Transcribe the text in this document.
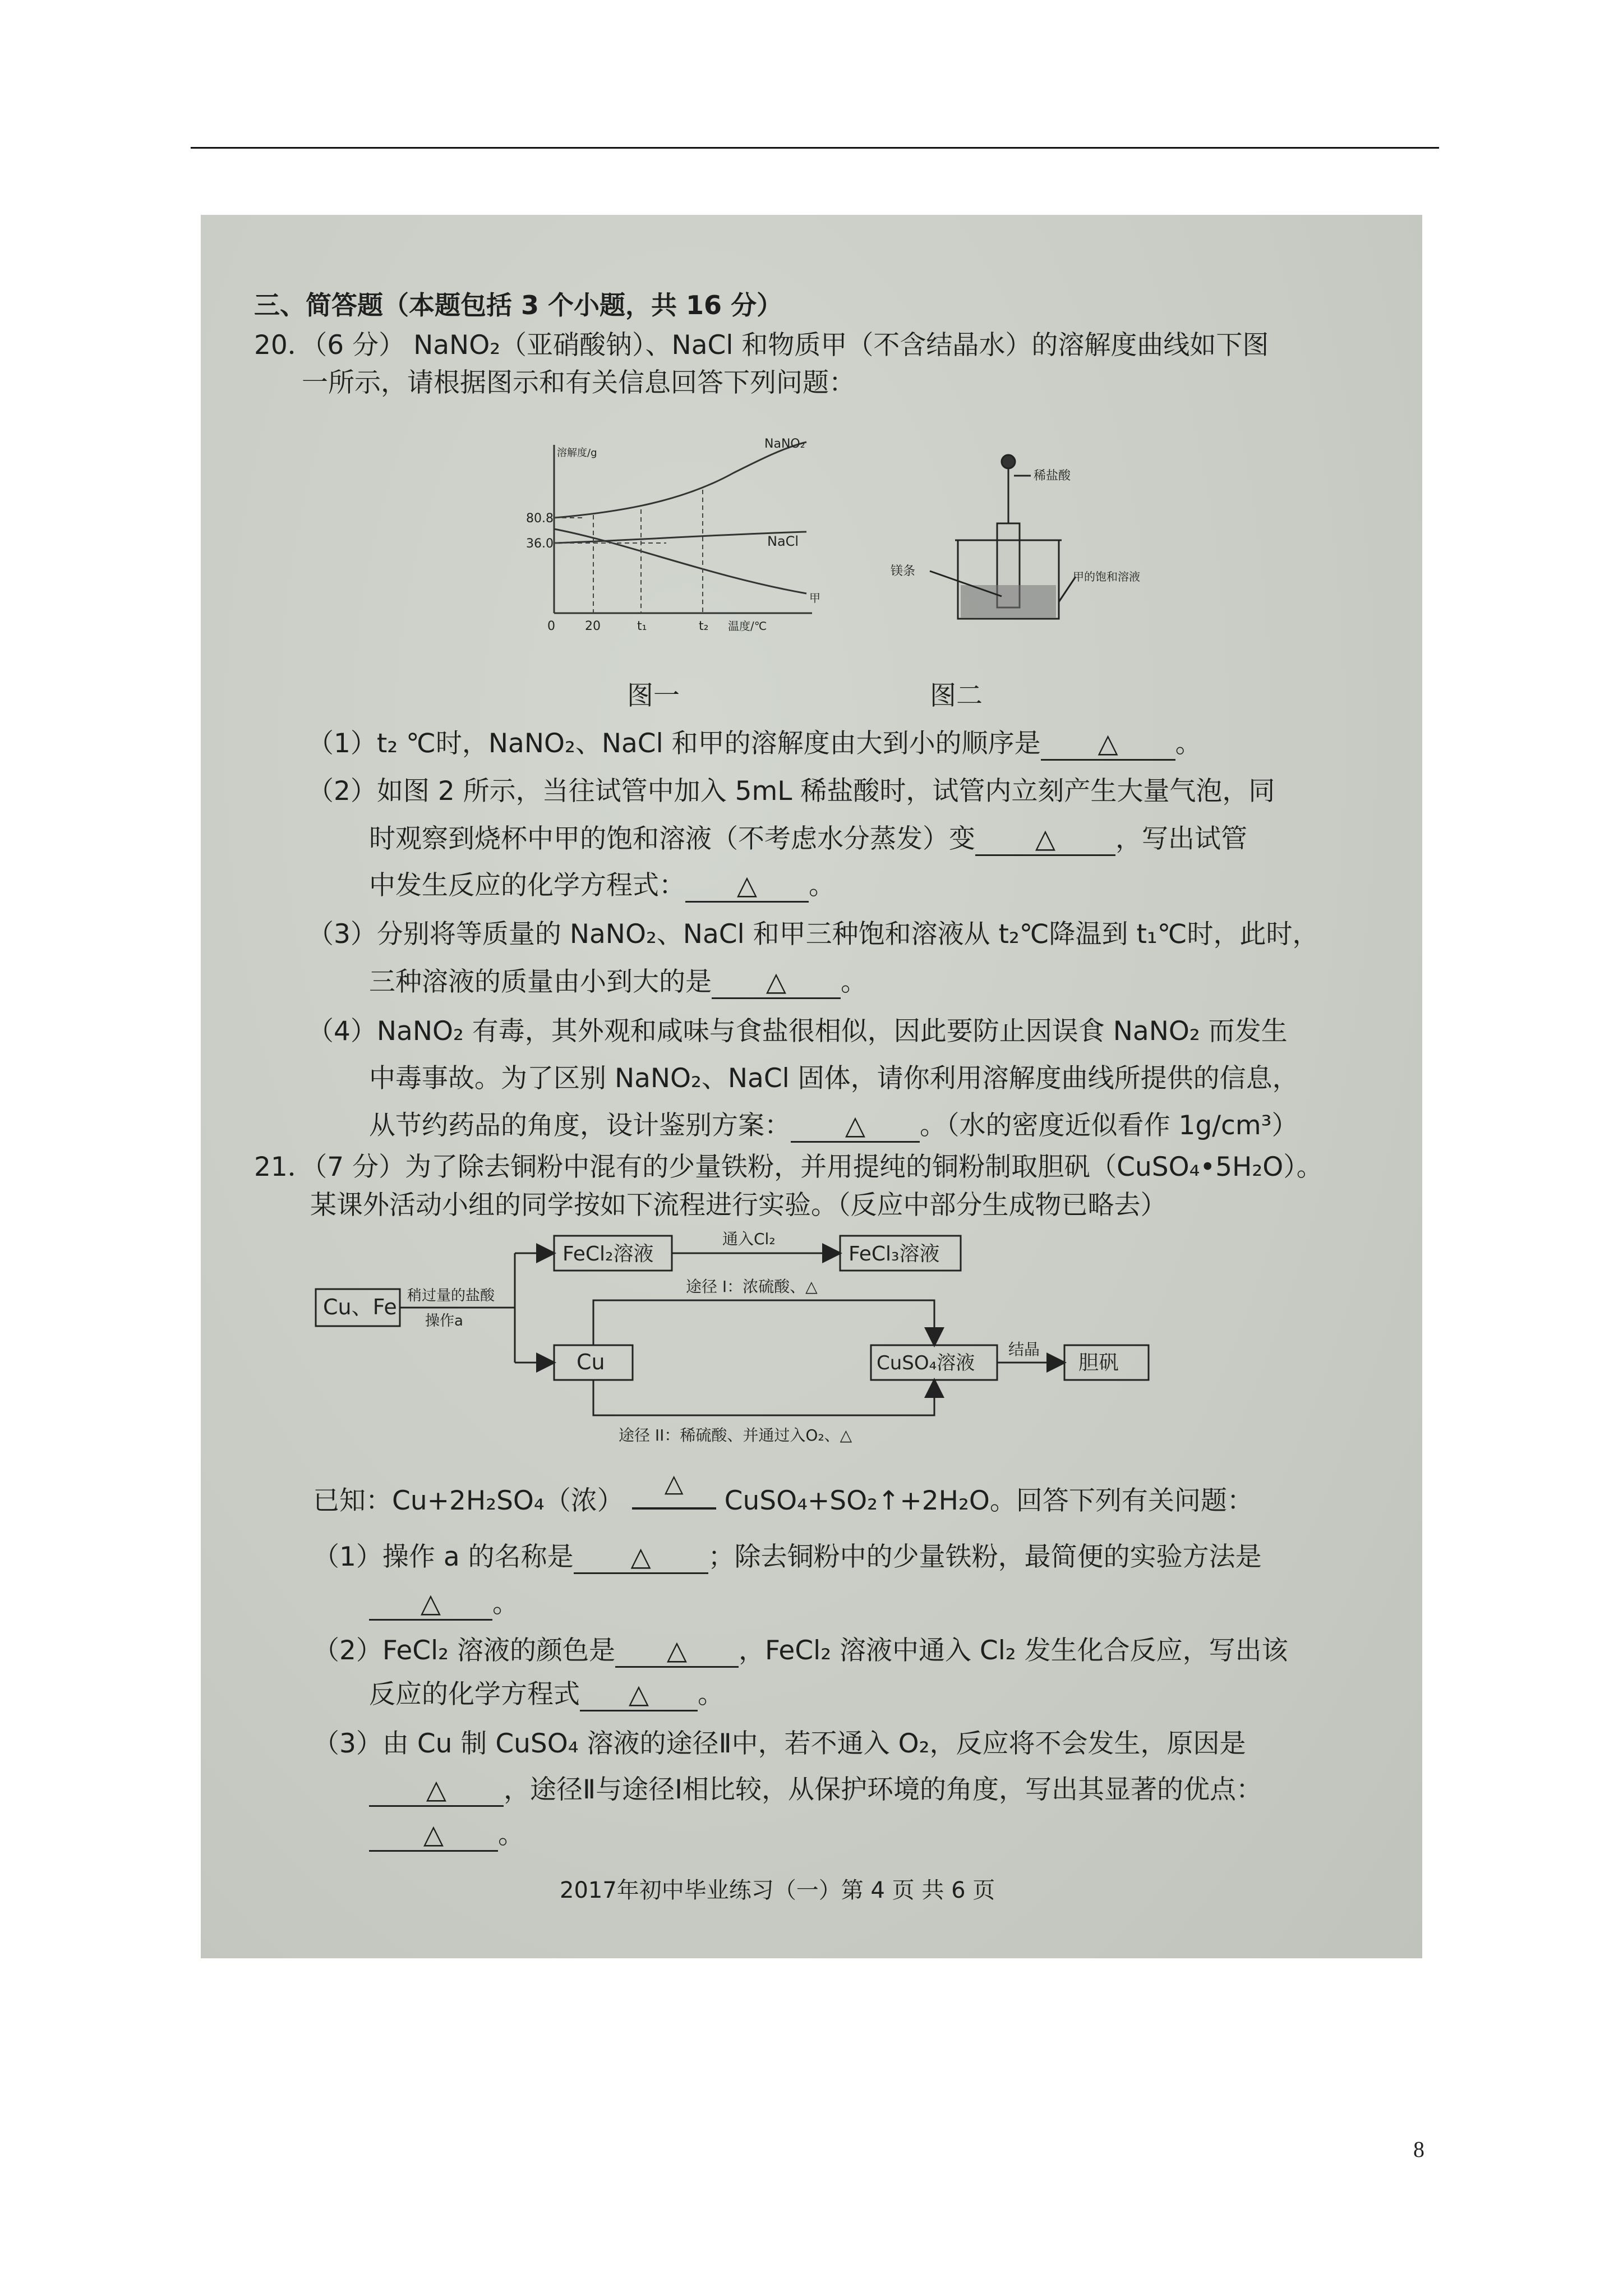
三、简答题（本题包括 3 个小题，共 16 分）
20．（6 分） NaNO₂（亚硝酸钠）、NaCl 和物质甲（不含结晶水）的溶解度曲线如下图
一所示，请根据图示和有关信息回答下列问题：
溶解度/g
80.8
36.0
0 20	t₁	t₂ 温度/℃
NaNO₂
NaCl
甲
图一
稀盐酸
镁条	甲的饱和溶液
图二
（1）t₂ ℃时，NaNO₂、NaCl 和甲的溶解度由大到小的顺序是 △ 。
（2）如图 2 所示，当往试管中加入 5mL 稀盐酸时，试管内立刻产生大量气泡，同
时观察到烧杯中甲的饱和溶液（不考虑水分蒸发）变 △ ，写出试管
中发生反应的化学方程式： △ 。
（3）分别将等质量的 NaNO₂、NaCl 和甲三种饱和溶液从 t₂℃降温到 t₁℃时，此时，
三种溶液的质量由小到大的是 △ 。
（4）NaNO₂ 有毒，其外观和咸味与食盐很相似，因此要防止因误食 NaNO₂ 而发生
中毒事故。为了区别 NaNO₂、NaCl 固体，请你利用溶解度曲线所提供的信息，
从节约药品的角度，设计鉴别方案： △ 。（水的密度近似看作 1g/cm³）
21．（7 分）为了除去铜粉中混有的少量铁粉，并用提纯的铜粉制取胆矾（CuSO₄•5H₂O）。
某课外活动小组的同学按如下流程进行实验。（反应中部分生成物已略去）
Cu、Fe
FeCl₂溶液	FeCl₃溶液
Cu	CuSO₄溶液	胆矾
稍过量的盐酸
操作a
通入Cl₂
途径 I：浓硫酸、△
途径 II：稀硫酸、并通过入O₂、△
结晶
已知：Cu+2H₂SO₄（浓）
△
CuSO₄+SO₂↑+2H₂O。回答下列有关问题：
（1）操作 a 的名称是 △ ；除去铜粉中的少量铁粉，最简便的实验方法是
△ 。
（2）FeCl₂ 溶液的颜色是 △ ，FeCl₂ 溶液中通入 Cl₂ 发生化合反应，写出该
反应的化学方程式 △ 。
（3）由 Cu 制 CuSO₄ 溶液的途径Ⅱ中，若不通入 O₂，反应将不会发生，原因是
△ ，途径Ⅱ与途径Ⅰ相比较，从保护环境的角度，写出其显著的优点：
△ 。
2017年初中毕业练习（一）第 4 页 共 6 页
8
